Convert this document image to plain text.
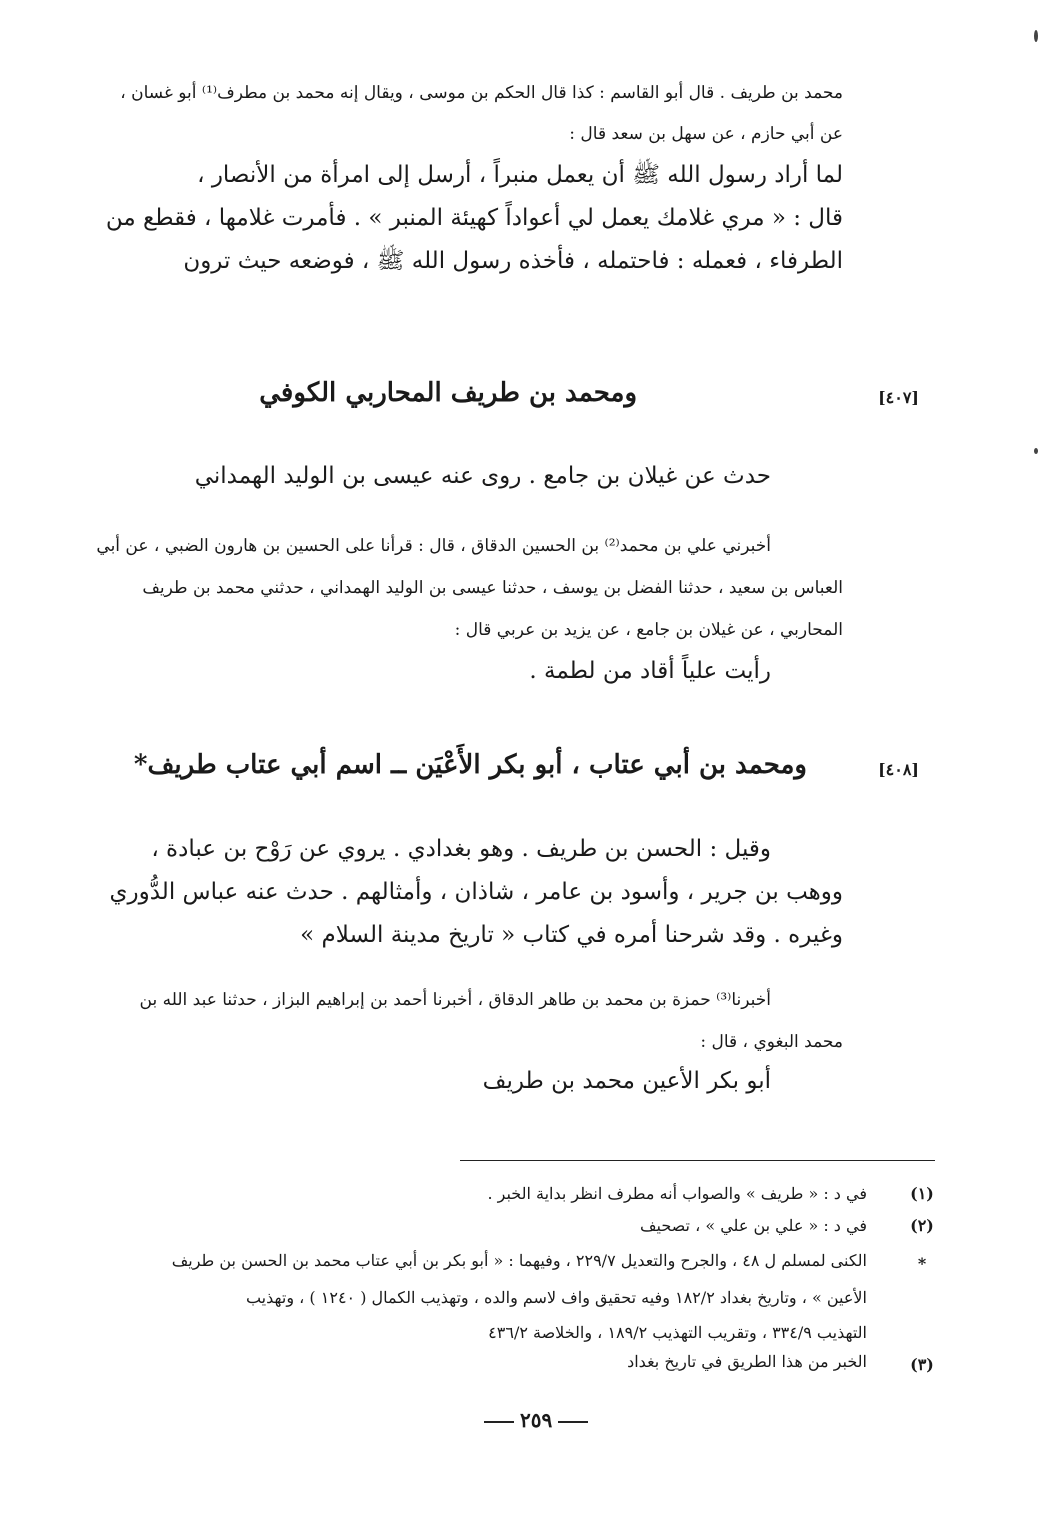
محمد بن طريف . قال أبو القاسم : كذا قال الحكم بن موسى ، ويقال إنه محمد بن مطرف⁽¹⁾ أبو غسان ،
عن أبي حازم ، عن سهل بن سعد قال :
لما أراد رسول الله ﷺ أن يعمل منبراً ، أرسل إلى امرأة من الأنصار ،
قال : « مري غلامك يعمل لي أعواداً كهيئة المنبر » . فأمرت غلامها ، فقطع من
الطرفاء ، فعمله : فاحتمله ، فأخذه رسول الله ﷺ ، فوضعه حيث ترون
[٤٠٧]
ومحمد بن طريف المحاربي الكوفي
حدث عن غيلان بن جامع . روى عنه عيسى بن الوليد الهمداني
أخبرني علي بن محمد⁽²⁾ بن الحسين الدقاق ، قال : قرأنا على الحسين بن هارون الضبي ، عن أبي
العباس بن سعيد ، حدثنا الفضل بن يوسف ، حدثنا عيسى بن الوليد الهمداني ، حدثني محمد بن طريف
المحاربي ، عن غيلان بن جامع ، عن يزيد بن عربي قال :
رأيت علياً أقاد من لطمة .
[٤٠٨]
ومحمد بن أبي عتاب ، أبو بكر الأَعْيَن ــ اسم أبي عتاب طريف*
وقيل : الحسن بن طريف . وهو بغدادي . يروي عن رَوْح بن عبادة ،
ووهب بن جرير ، وأسود بن عامر ، شاذان ، وأمثالهم . حدث عنه عباس الدُّوري
وغيره . وقد شرحنا أمره في كتاب « تاريخ مدينة السلام »
أخبرنا⁽³⁾ حمزة بن محمد بن طاهر الدقاق ، أخبرنا أحمد بن إبراهيم البزاز ، حدثنا عبد الله بن
محمد البغوي ، قال :
أبو بكر الأعين محمد بن طريف
(١)
في د : « طريف » والصواب أنه مطرف انظر بداية الخبر .
(٢)
في د : « علي بن علي » ، تصحيف
*
الكنى لمسلم ل ٤٨ ، والجرح والتعديل ٢٢٩/٧ ، وفيهما : « أبو بكر بن أبي عتاب محمد بن الحسن بن طريف
الأعين » ، وتاريخ بغداد ١٨٢/٢ وفيه تحقيق واف لاسم والده ، وتهذيب الكمال ( ١٢٤٠ ) ، وتهذيب
التهذيب ٣٣٤/٩ ، وتقريب التهذيب ١٨٩/٢ ، والخلاصة ٤٣٦/٢
(٣)
الخبر من هذا الطريق في تاريخ بغداد
٢٥٩
